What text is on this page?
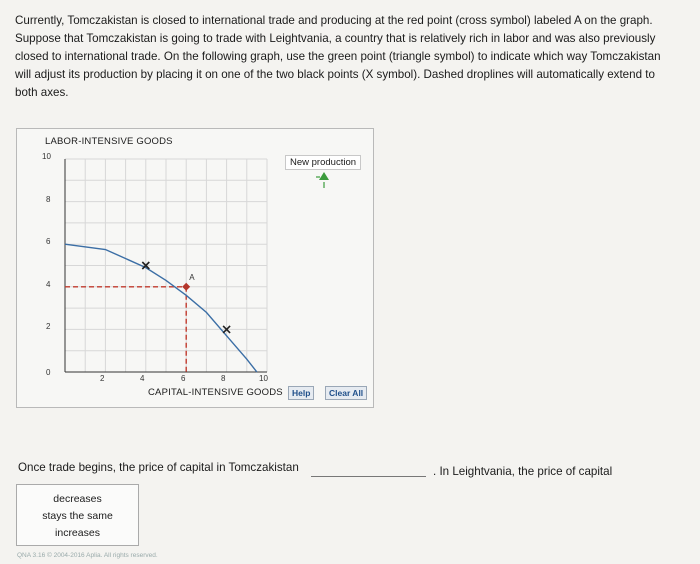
Currently, Tomczakistan is closed to international trade and producing at the red point (cross symbol) labeled A on the graph. Suppose that Tomczakistan is going to trade with Leightvania, a country that is relatively rich in labor and was also previously closed to international trade. On the following graph, use the green point (triangle symbol) to indicate which way Tomczakistan will adjust its production by placing it on one of the two black points (X symbol). Dashed droplines will automatically extend to both axes.

LABOR-INTENSIVE GOODS
A
10
8
6
4
2
0
2	4	6	8	10
CAPITAL-INTENSIVE GOODS
New production
Help	Clear All
Once trade begins, the price of capital in Tomczakistan	. In Leightvania, the price of capital
decreases
stays the same
increases
QNA 3.16 © 2004-2016 Aplia. All rights reserved.
